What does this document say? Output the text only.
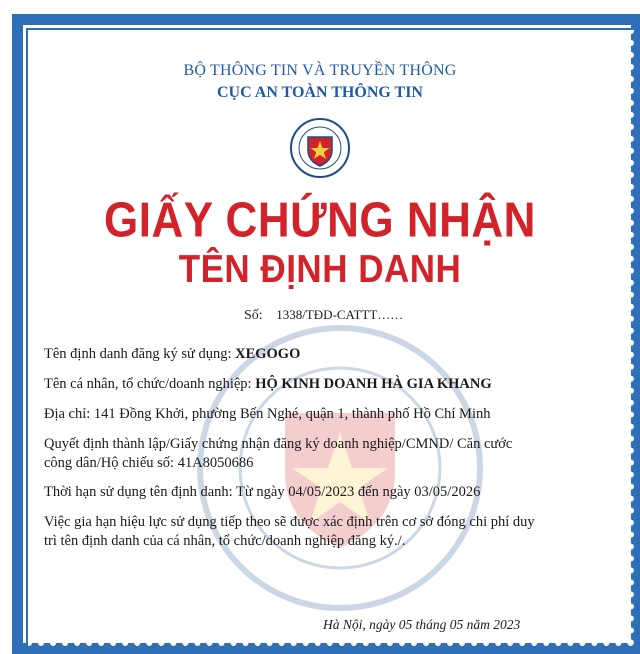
BỘ THÔNG TIN VÀ TRUYỀN THÔNG
CỤC AN TOÀN THÔNG TIN
GIẤY CHỨNG NHẬN
TÊN ĐỊNH DANH
Số: 1338/TĐD-CATTT……
Tên định danh đăng ký sử dụng: XEGOGO
Tên cá nhân, tổ chức/doanh nghiệp: HỘ KINH DOANH HÀ GIA KHANG
Địa chỉ: 141 Đồng Khởi, phường Bến Nghé, quận 1, thành phố Hồ Chí Minh
Quyết định thành lập/Giấy chứng nhận đăng ký doanh nghiệp/CMND/ Căn cước
công dân/Hộ chiếu số: 41A8050686
Thời hạn sử dụng tên định danh: Từ ngày 04/05/2023 đến ngày 03/05/2026
Việc gia hạn hiệu lực sử dụng tiếp theo sẽ được xác định trên cơ sở đóng chi phí duy
trì tên định danh của cá nhân, tổ chức/doanh nghiệp đăng ký./.
Hà Nội, ngày 05 tháng 05 năm 2023
